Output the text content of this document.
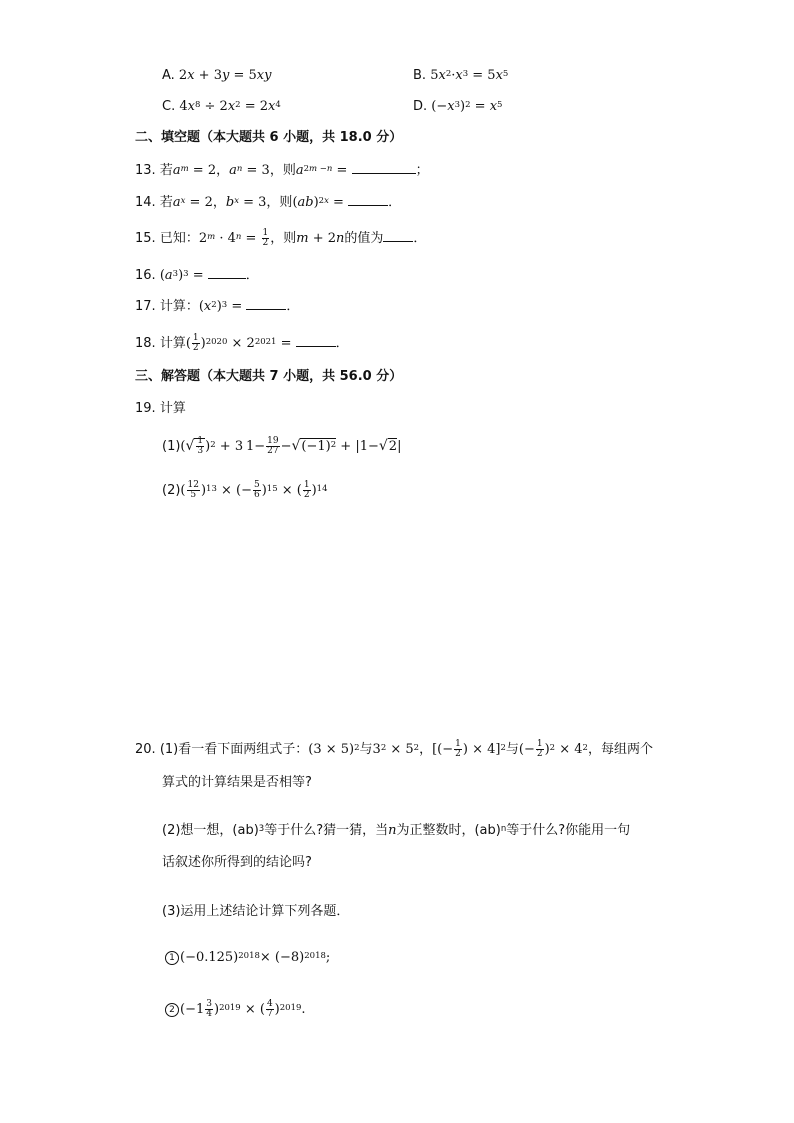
A. 2x + 3y = 5xy	B. $5x^2\cdot x^3 = 5x^5$
C. $4x^8 \div 2x^2 = 2x^4$	D. $(-x^3)^2 = x^5$
二、填空题（本大题共 6 小题，共 18.0 分）
13. 若$a^m = 2$，$a^n = 3$，则$a^{2m -n}$ =	；
14. 若$a^x = 2$，$b^x = 3$，则(ab)$^{2x}$ =	．
15. 已知：$2^m \cdot 4^n = \frac{1}{2}$ ，则m + 2n的值为 ．
16. $(a^3)^3$ =	．
17. 计算：$(x^2)^3$ =	．
18. 计算( $\frac{1}{2} )^{2020} \times 2^{2021}$ =	．
三、解答题（本大题共 7 小题，共 56.0 分）
19. 计算
$(1)(√ \frac{1}{3} )^2 + 3$ $1- \frac{19}{27} -√(-1)^2 + |1-√2|$
$(2)( \frac{12}{5} )^{13}$ × (− $\frac{5}{6} )^{15}$ × ( $\frac{1}{2} )^{14}$
20. (1)看一看下面两组式子：$(3 \times 5)^2$与$3^2 \times 5^2$，[(− $\frac{1}{2}$ ) × 4]$^2$与(− $\frac{1}{2} )^2 \times 4^2$，每组两个
算式的计算结果是否相等?
(2)想一想，(ab)$^3$等于什么?猜一猜，当n为正整数时，(ab)$^n$等于什么?你能用一句
话叙述你所得到的结论吗?
(3)运用上述结论计算下列各题．
1 $(-0.125)^{2018}\times (-8)^{2018}$;
2 $(-1 \frac{3}{4} )^{2019}$ × ( $\frac{4}{7} )^{2019}$.
